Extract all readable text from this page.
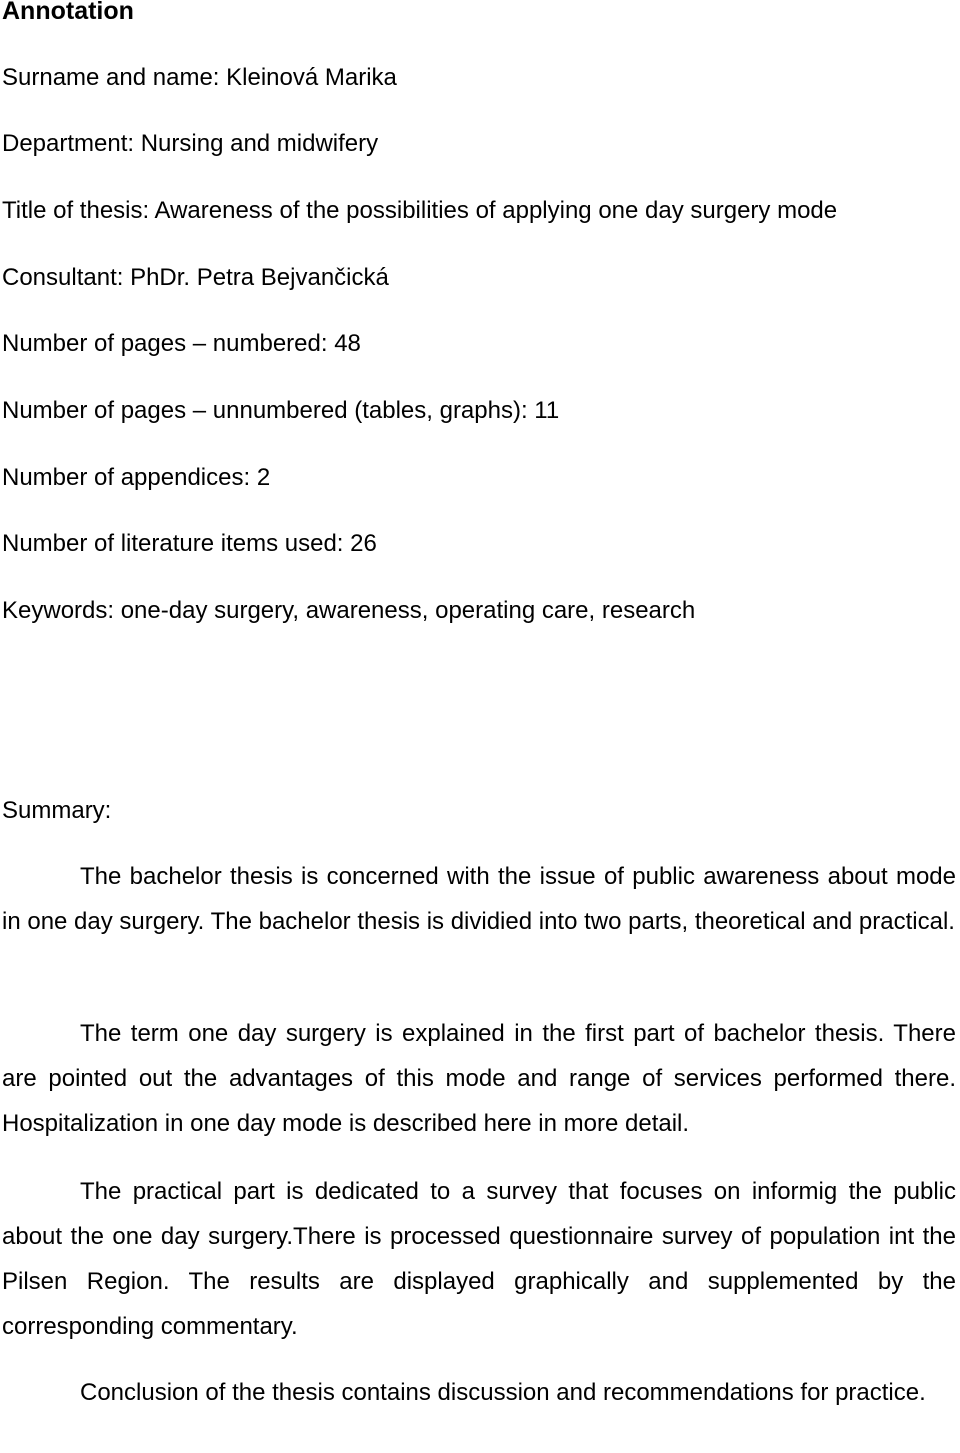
Annotation

Surname and name: Kleinová Marika

Department: Nursing and midwifery

Title of thesis: Awareness of the possibilities of applying one day surgery mode

Consultant: PhDr. Petra Bejvančická

Number of pages – numbered: 48

Number of pages – unnumbered (tables, graphs): 11

Number of appendices: 2

Number of literature items used: 26

Keywords: one-day surgery, awareness, operating care, research

Summary:

The bachelor thesis is concerned with the issue of public awareness about mode in one day surgery. The bachelor thesis is dividied into two parts, theoretical and practical.

The term one day surgery is explained in the first part of bachelor thesis. There are pointed out the advantages of this mode and range of services performed there. Hospitalization in one day mode is described here in more detail.

The practical part is dedicated to a survey that focuses on informig the public about the one day surgery.There is processed questionnaire survey of population int the Pilsen Region. The results are displayed graphically and supplemented by the corresponding commentary.

Conclusion of the thesis contains discussion and recommendations for practice.
